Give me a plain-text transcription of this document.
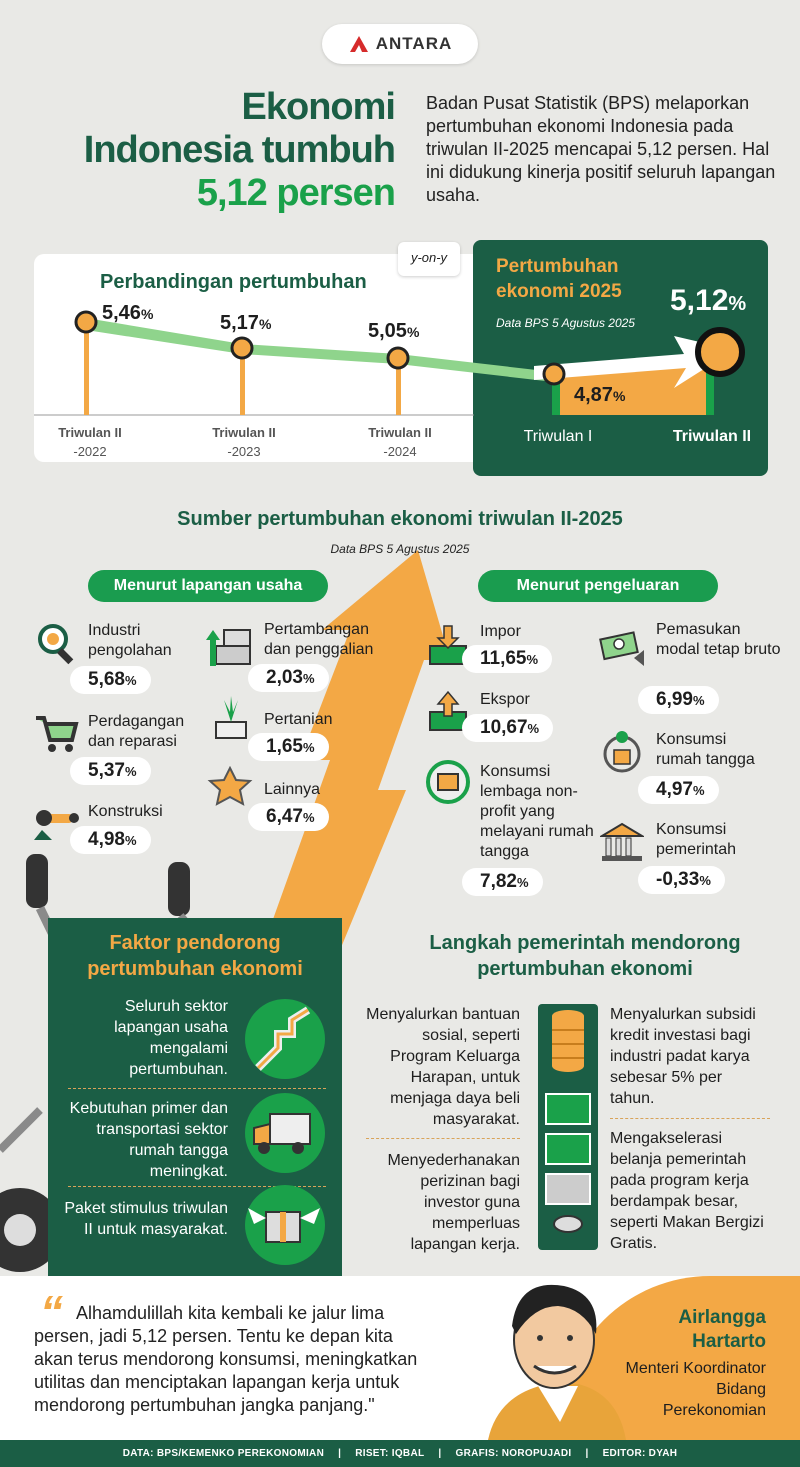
ANTARA
Ekonomi
Indonesia tumbuh
5,12 persen
Badan Pusat Statistik (BPS) melaporkan pertumbuhan ekonomi Indonesia pada triwulan II-2025 mencapai 5,12 persen. Hal ini didukung kinerja positif seluruh lapangan usaha.
Perbandingan pertumbuhan
y-on-y	Pertumbuhan
ekonomi 2025
Data BPS 5 Agustus 2025
5,46%	5,17%	5,05%
4,87%
5,12%
Triwulan II
-2022
Triwulan II
-2023
Triwulan II
-2024
Triwulan I	Triwulan II
Sumber pertumbuhan ekonomi triwulan II-2025
Data BPS 5 Agustus 2025
Menurut lapangan usaha	Menurut pengeluaran
Industri pengolahan
5,68%
Perdagangan dan reparasi
5,37%
Konstruksi
4,98%
Pertambangan dan penggalian
2,03%
Pertanian
1,65%
Lainnya
6,47%
Impor
11,65%
Ekspor
10,67%
Konsumsi lembaga non-profit yang melayani rumah tangga
7,82%
Pemasukan modal tetap bruto
6,99%
Konsumsi rumah tangga
4,97%
Konsumsi pemerintah
-0,33%
Faktor pendorong
pertumbuhan ekonomi
Seluruh sektor lapangan usaha mengalami pertumbuhan.
Kebutuhan primer dan transportasi sektor rumah tangga meningkat.
Paket stimulus triwulan II untuk masyarakat.
Langkah pemerintah mendorong
pertumbuhan ekonomi
Menyalurkan bantuan sosial, seperti Program Keluarga Harapan, untuk menjaga daya beli masyarakat.
Menyederhanakan perizinan bagi investor guna memperluas lapangan kerja.
Menyalurkan subsidi kredit investasi bagi industri padat karya sebesar 5% per tahun.
Mengakselerasi belanja pemerintah pada program kerja berdampak besar, seperti Makan Bergizi Gratis.
“ Alhamdulillah kita kembali ke jalur lima persen, jadi 5,12 persen. Tentu ke depan kita akan terus mendorong konsumsi, meningkatkan utilitas dan menciptakan lapangan kerja untuk mendorong pertumbuhan jangka panjang."
Airlangga
Hartarto
Menteri Koordinator
Bidang
Perekonomian
DATA: BPS/KEMENKO PEREKONOMIAN | RISET: IQBAL | GRAFIS: NOROPUJADI | EDITOR: DYAH
